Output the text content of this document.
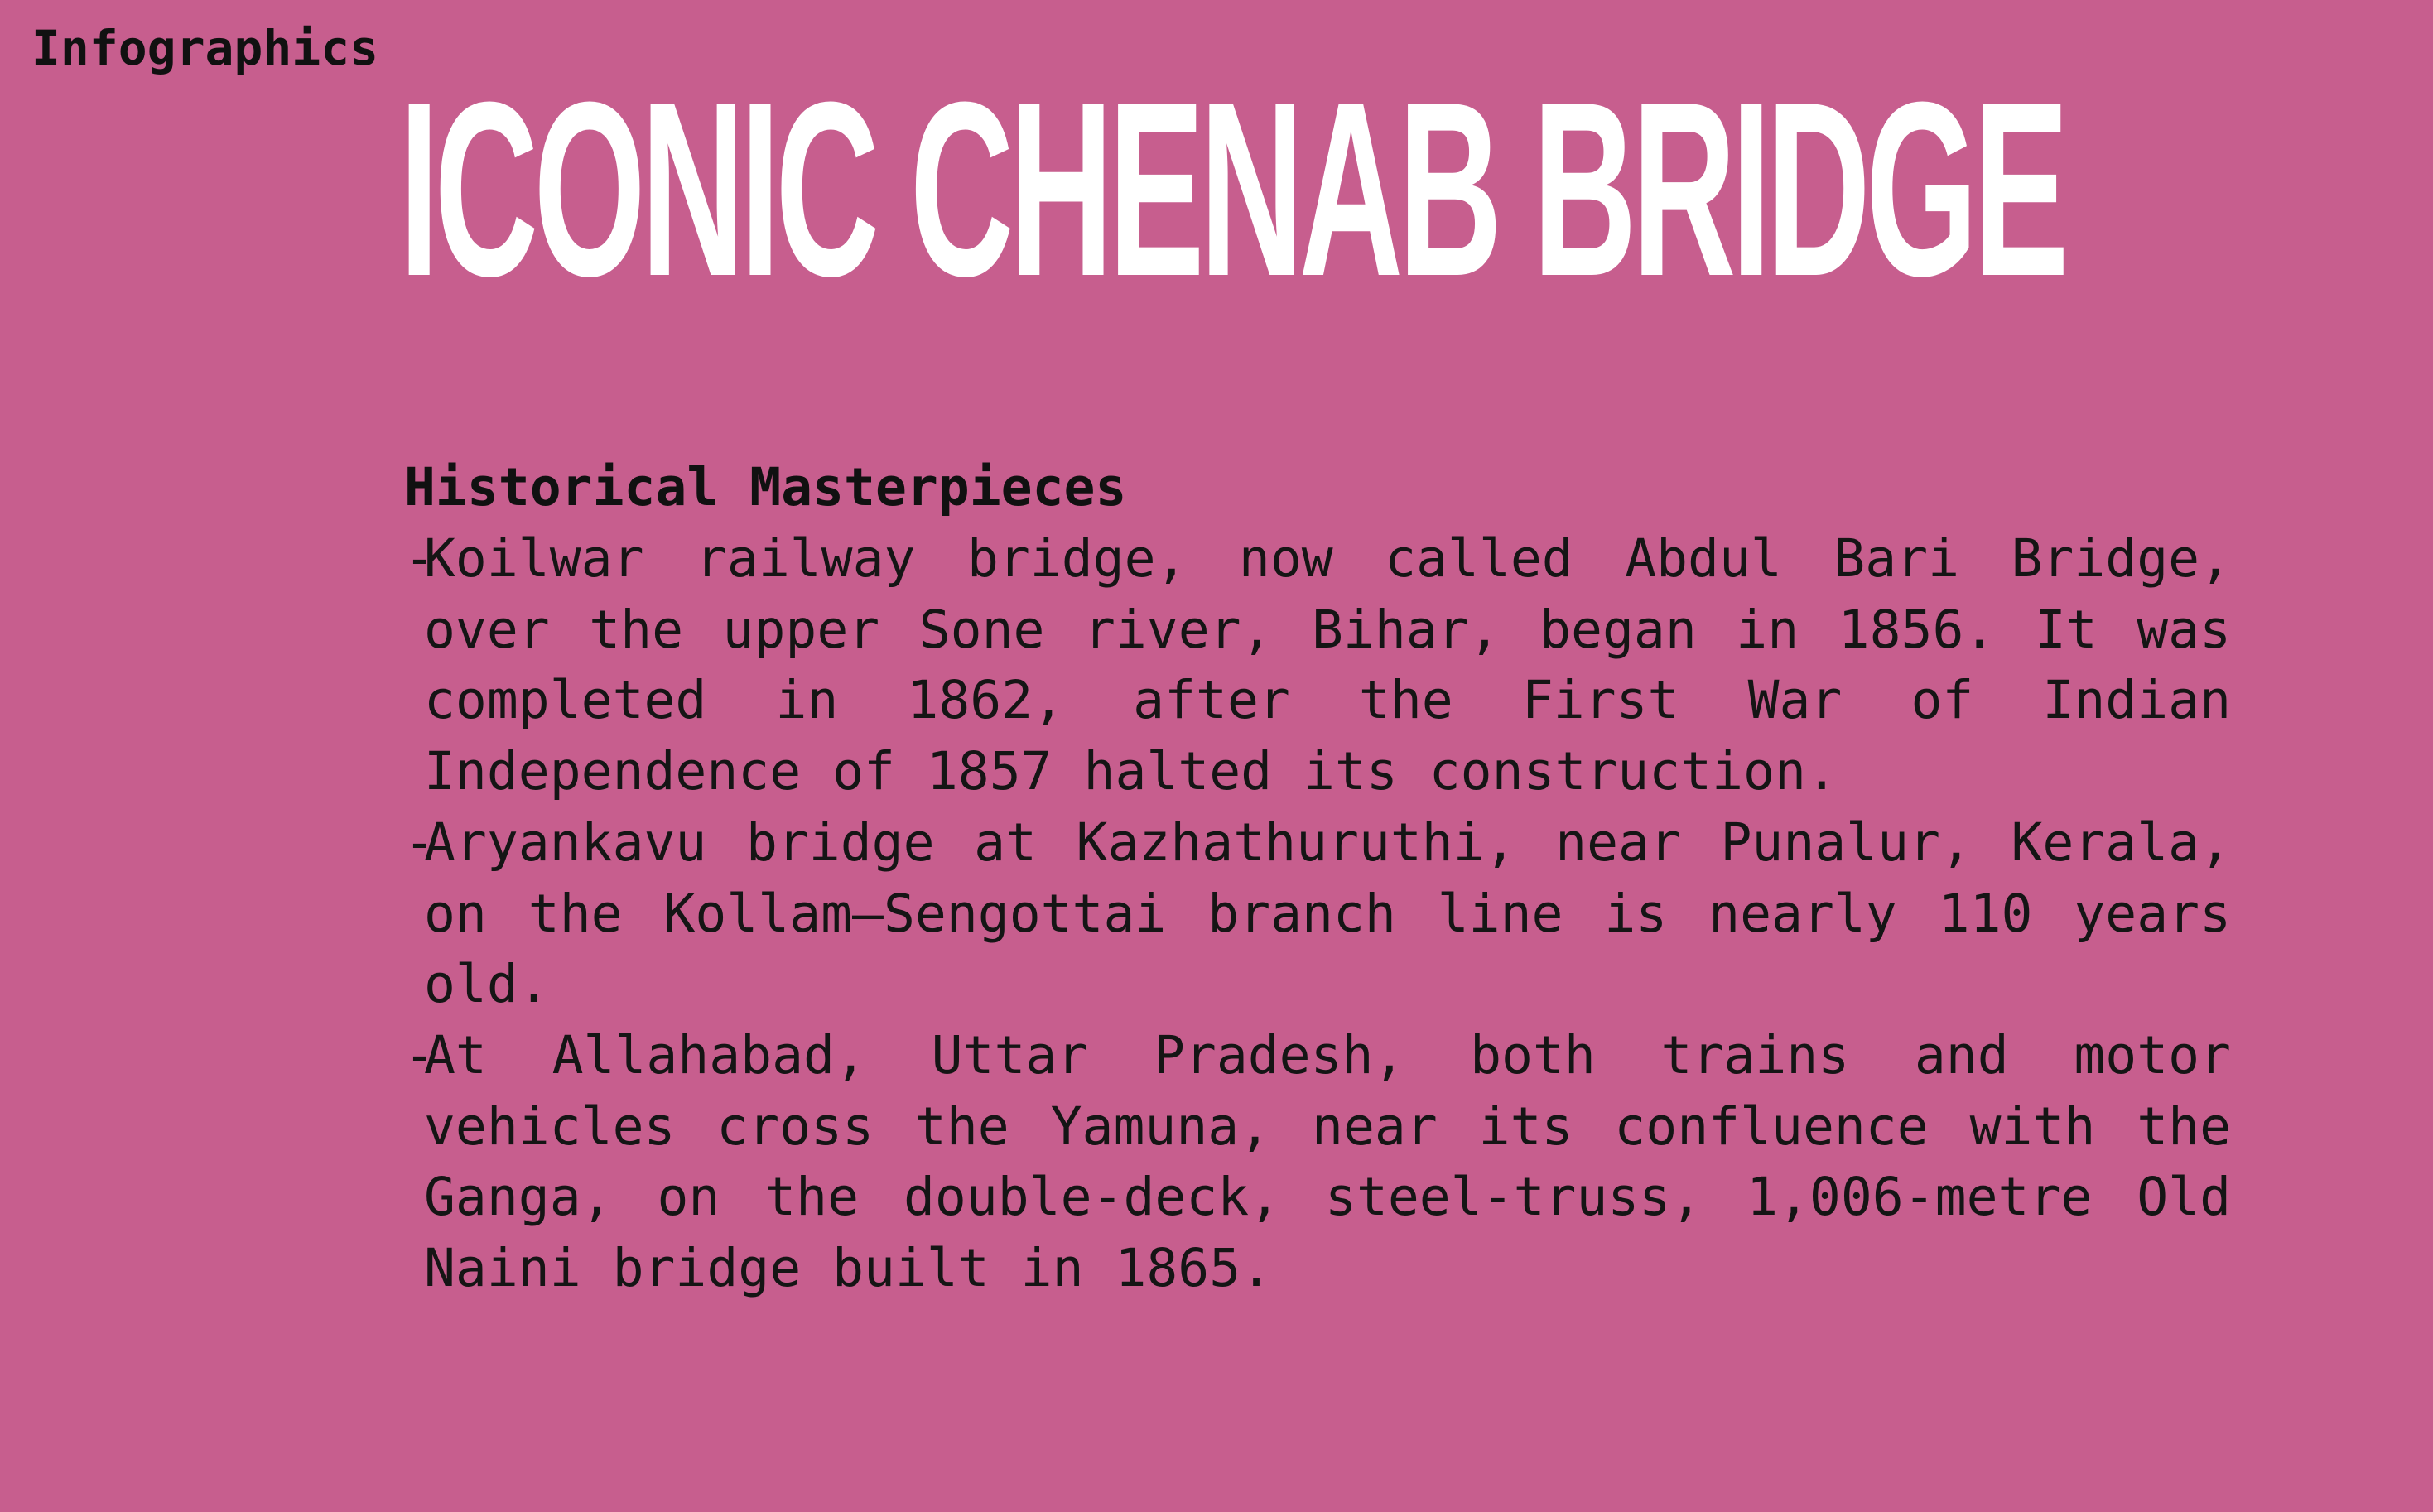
Infographics
ICONIC CHENAB BRIDGE
Historical Masterpieces
- Koilwar railway bridge, now called Abdul Bari Bridge, over the upper Sone river, Bihar, began in 1856. It was completed in 1862, after the First War of Indian Independence of 1857 halted its construction.
- Aryankavu bridge at Kazhathuruthi, near Punalur, Kerala, on the Kollam–Sengottai branch line is nearly 110 years old.
- At Allahabad, Uttar Pradesh, both trains and motor vehicles cross the Yamuna, near its confluence with the Ganga, on the double-deck, steel-truss, 1,006-metre Old Naini bridge built in 1865.
